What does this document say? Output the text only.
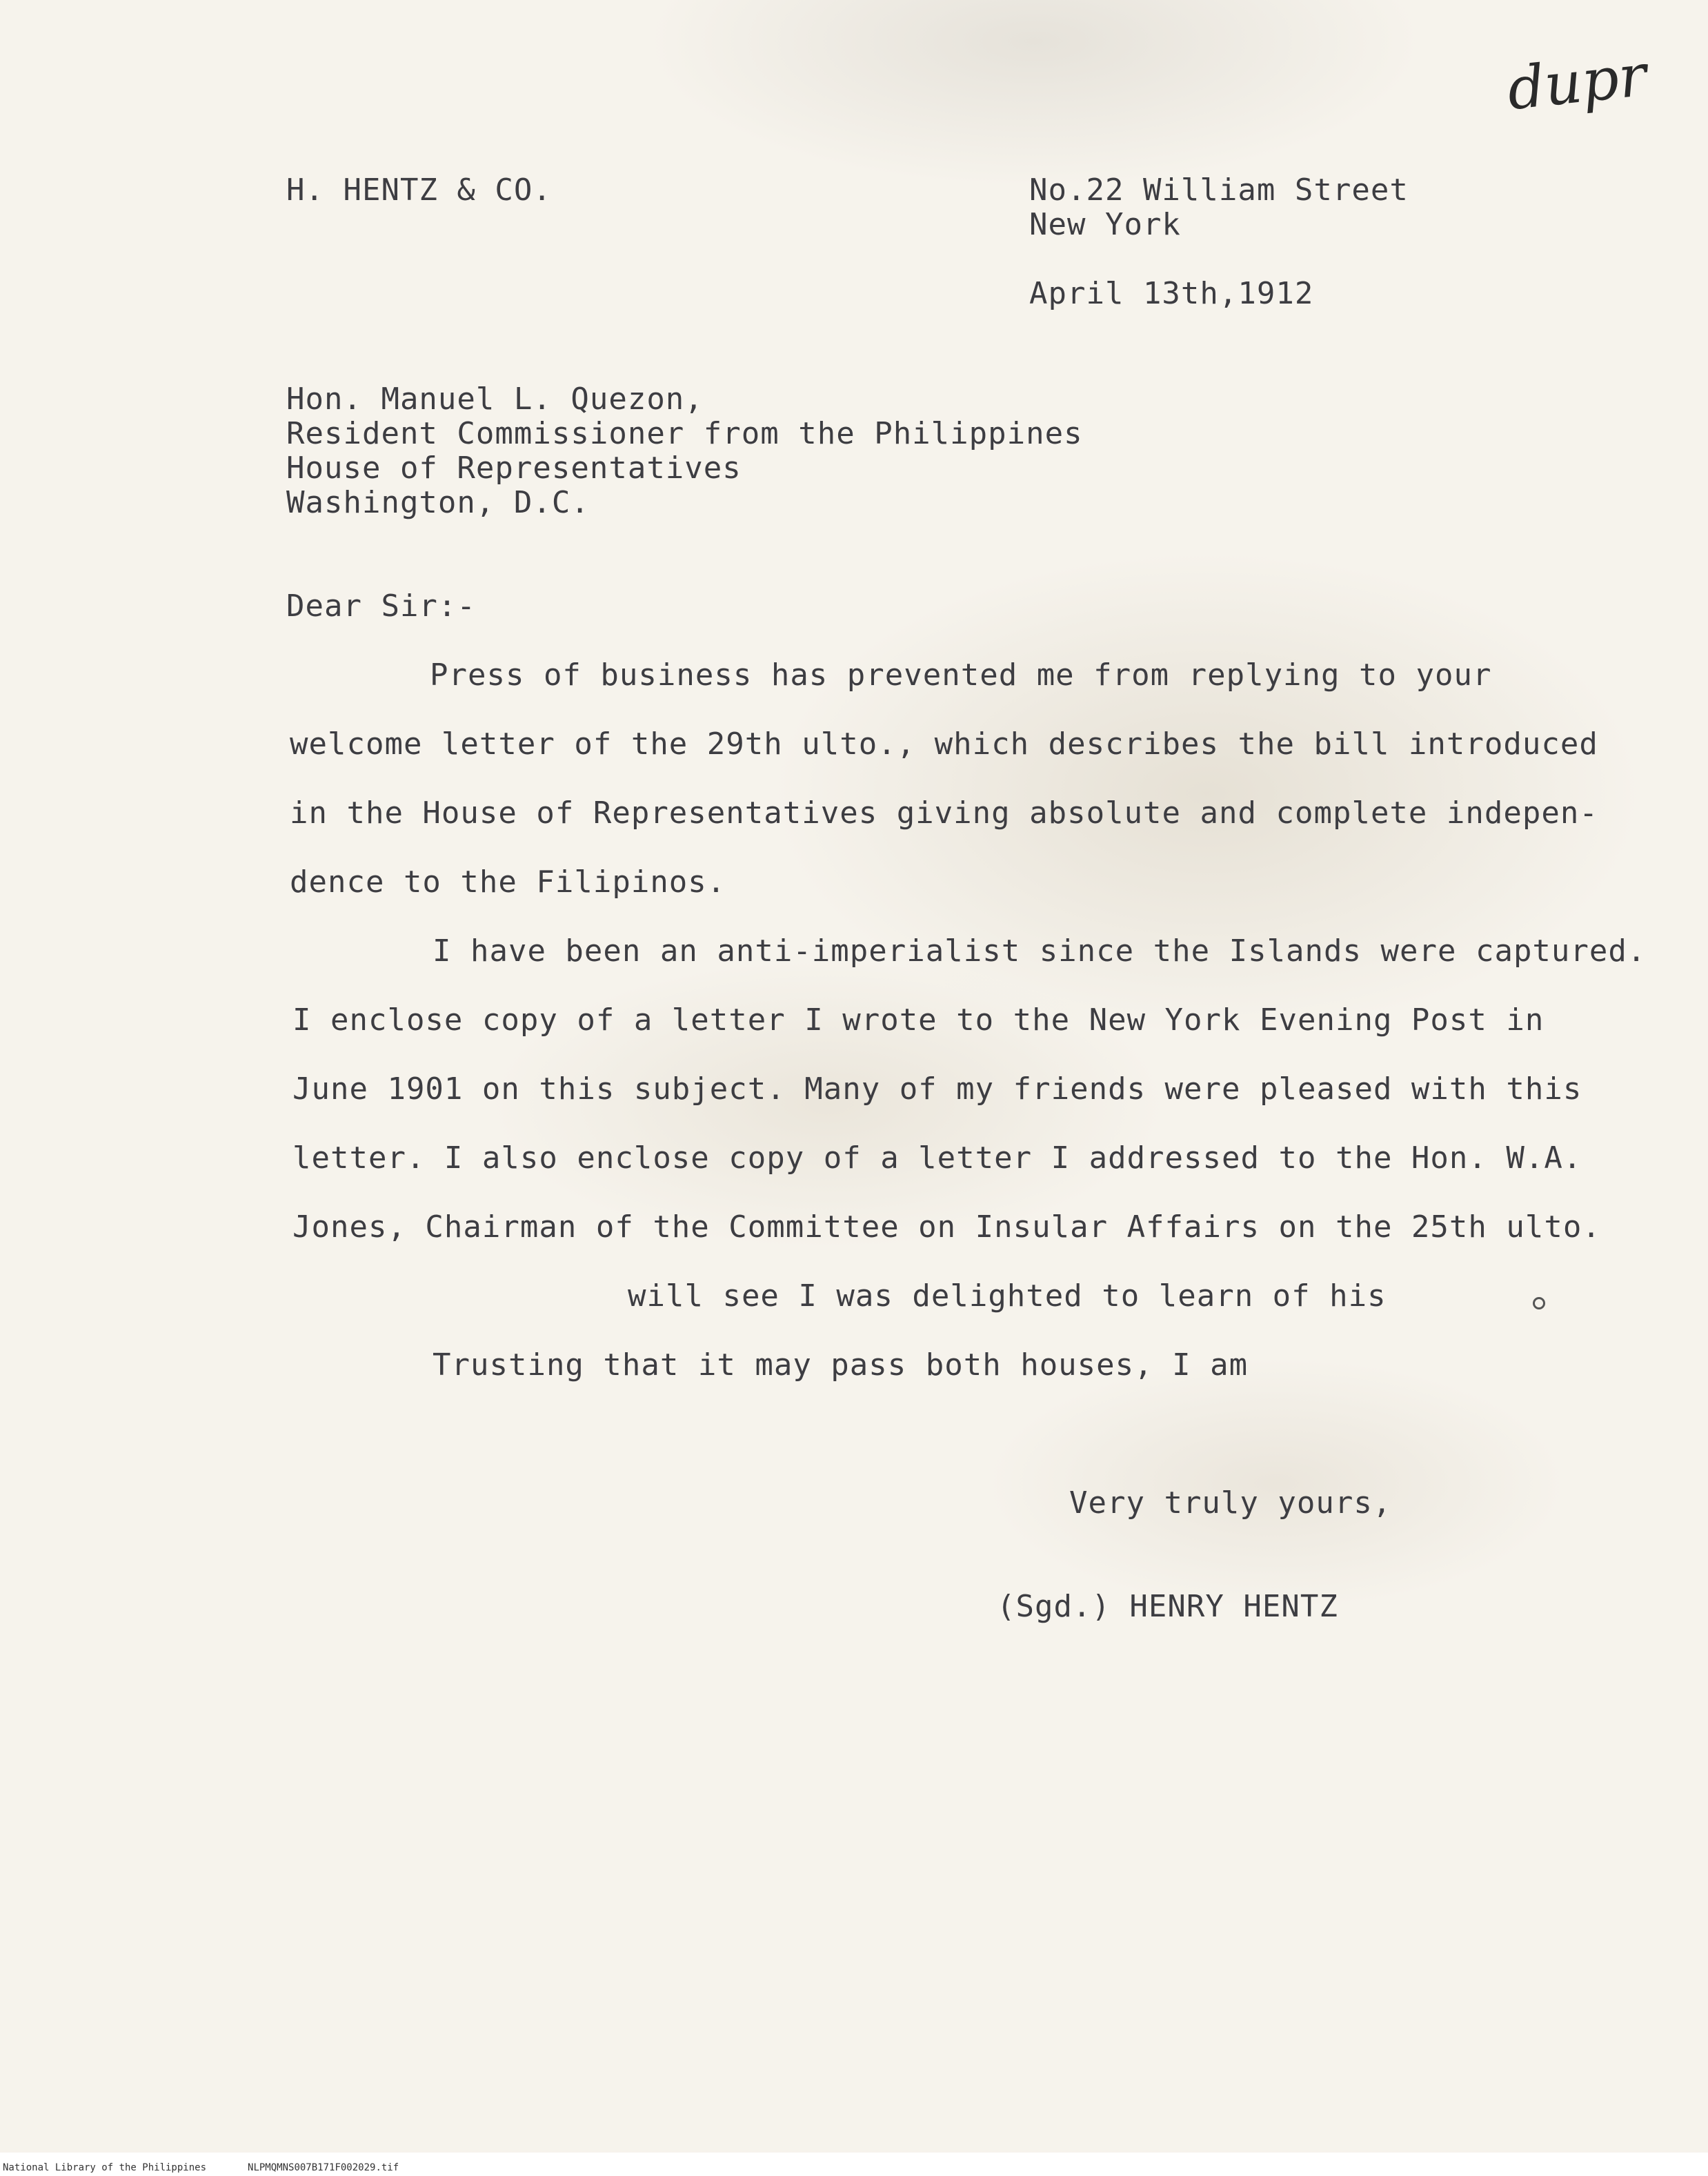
dupr
H. HENTZ & CO.	No.22 William Street
New York
April 13th,1912
Hon. Manuel L. Quezon,
Resident Commissioner from the Philippines
House of Representatives
Washington, D.C.
Dear Sir:-
Press of business has prevented me from replying to your
welcome letter of the 29th ulto., which describes the bill introduced
in the House of Representatives giving absolute and complete indepen-
dence to the Filipinos.
I have been an anti-imperialist since the Islands were captured.
I enclose copy of a letter I wrote to the New York Evening Post in
June 1901 on this subject. Many of my friends were pleased with this
letter. I also enclose copy of a letter I addressed to the Hon. W.A.
Jones, Chairman of the Committee on Insular Affairs on the 25th ulto.
will see I was delighted to learn of his
Trusting that it may pass both houses, I am
Very truly yours,
(Sgd.) HENRY HENTZ
National Library of the Philippines	NLPMQMNS007B171F002029.tif
